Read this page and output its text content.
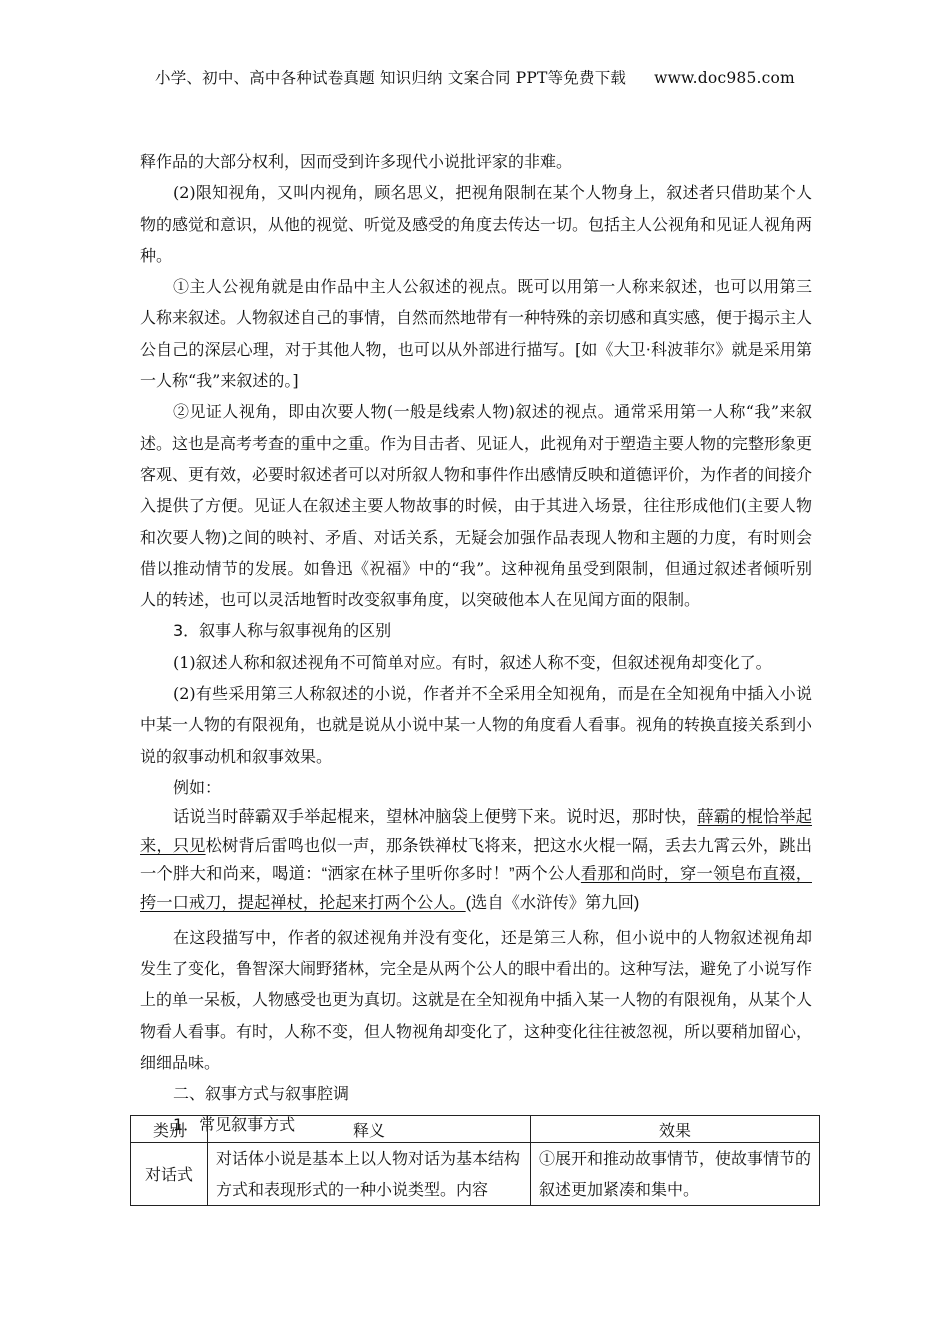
小学、初中、高中各种试卷真题 知识归纳 文案合同 PPT等免费下载 www.doc985.com

释作品的大部分权利，因而受到许多现代小说批评家的非难。

(2)限知视角，又叫内视角，顾名思义，把视角限制在某个人物身上，叙述者只借助某个人物的感觉和意识，从他的视觉、听觉及感受的角度去传达一切。包括主人公视角和见证人视角两种。

①主人公视角就是由作品中主人公叙述的视点。既可以用第一人称来叙述，也可以用第三人称来叙述。人物叙述自己的事情，自然而然地带有一种特殊的亲切感和真实感，便于揭示主人公自己的深层心理，对于其他人物，也可以从外部进行描写。[如《大卫·科波菲尔》就是采用第一人称“我”来叙述的。]

②见证人视角，即由次要人物(一般是线索人物)叙述的视点。通常采用第一人称“我”来叙述。这也是高考考查的重中之重。作为目击者、见证人，此视角对于塑造主要人物的完整形象更客观、更有效，必要时叙述者可以对所叙人物和事件作出感情反映和道德评价，为作者的间接介入提供了方便。见证人在叙述主要人物故事的时候，由于其进入场景，往往形成他们(主要人物和次要人物)之间的映衬、矛盾、对话关系，无疑会加强作品表现人物和主题的力度，有时则会借以推动情节的发展。如鲁迅《祝福》中的“我”。这种视角虽受到限制，但通过叙述者倾听别人的转述，也可以灵活地暂时改变叙事角度，以突破他本人在见闻方面的限制。

3．叙事人称与叙事视角的区别

(1)叙述人称和叙述视角不可简单对应。有时，叙述人称不变，但叙述视角却变化了。

(2)有些采用第三人称叙述的小说，作者并不全采用全知视角，而是在全知视角中插入小说中某一人物的有限视角，也就是说从小说中某一人物的角度看人看事。视角的转换直接关系到小说的叙事动机和叙事效果。

例如：

话说当时薛霸双手举起棍来，望林冲脑袋上便劈下来。说时迟，那时快，薛霸的棍恰举起来，只见松树背后雷鸣也似一声，那条铁禅杖飞将来，把这水火棍一隔，丢去九霄云外，跳出一个胖大和尚来，喝道：“洒家在林子里听你多时！”两个公人看那和尚时，穿一领皂布直裰，挎一口戒刀，提起禅杖，抡起来打两个公人。(选自《水浒传》第九回)

在这段描写中，作者的叙述视角并没有变化，还是第三人称，但小说中的人物叙述视角却发生了变化，鲁智深大闹野猪林，完全是从两个公人的眼中看出的。这种写法，避免了小说写作上的单一呆板，人物感受也更为真切。这就是在全知视角中插入某一人物的有限视角，从某个人物看人看事。有时，人称不变，但人物视角却变化了，这种变化往往被忽视，所以要稍加留心，细细品味。

二、叙事方式与叙事腔调

1．常见叙事方式

类别	释义	效果
对话式	对话体小说是基本上以人物对话为基本结构方式和表现形式的一种小说类型。内容	①展开和推动故事情节，使故事情节的叙述更加紧凑和集中。
